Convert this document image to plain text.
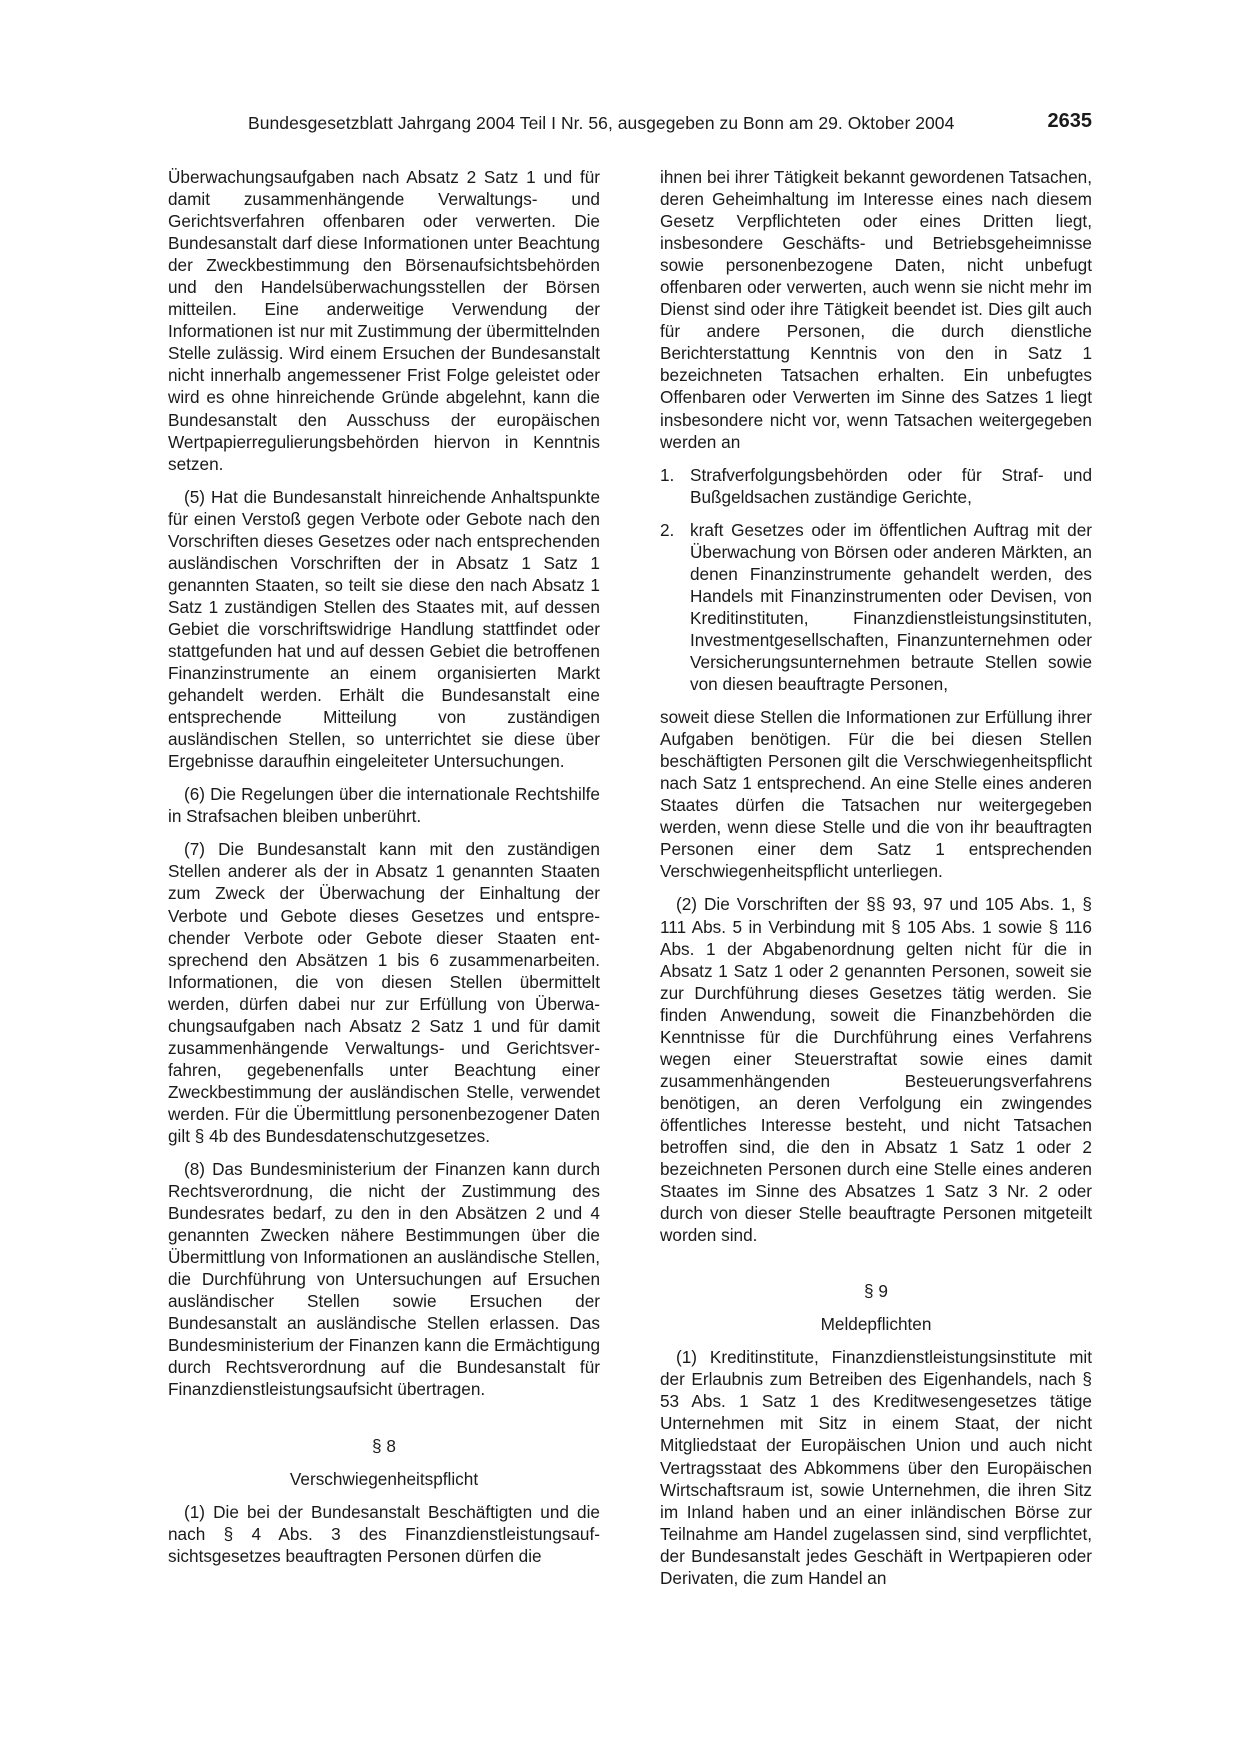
Bundesgesetzblatt Jahrgang 2004 Teil I Nr. 56, ausgegeben zu Bonn am 29. Oktober 2004	2635

Überwachungsaufgaben nach Absatz 2 Satz 1 und für damit zusammenhängende Verwaltungs- und Gerichtsverfahren offenbaren oder verwerten. Die Bundesanstalt darf diese Informationen unter Beachtung der Zweckbestimmung den Börsenaufsichtsbehörden und den Handelsüberwachungsstellen der Börsen mitteilen. Eine anderweitige Verwendung der Informationen ist nur mit Zustimmung der übermittelnden Stelle zulässig. Wird einem Ersuchen der Bundesanstalt nicht innerhalb angemessener Frist Folge geleistet oder wird es ohne hinreichende Gründe abgelehnt, kann die Bundesanstalt den Ausschuss der europäischen Wertpapierregulierungsbehörden hiervon in Kenntnis setzen.

(5) Hat die Bundesanstalt hinreichende Anhaltspunkte für einen Verstoß gegen Verbote oder Gebote nach den Vorschriften dieses Gesetzes oder nach entsprechenden ausländischen Vorschriften der in Absatz 1 Satz 1 genannten Staaten, so teilt sie diese den nach Absatz 1 Satz 1 zuständigen Stellen des Staates mit, auf dessen Gebiet die vorschriftswidrige Handlung stattfindet oder stattgefunden hat und auf dessen Gebiet die betroffenen Finanzinstrumente an einem organisierten Markt gehandelt werden. Erhält die Bundesanstalt eine entsprechende Mitteilung von zuständigen ausländischen Stellen, so unterrichtet sie diese über Ergebnisse daraufhin eingeleiteter Untersuchungen.

(6) Die Regelungen über die internationale Rechtshilfe in Strafsachen bleiben unberührt.

(7) Die Bundesanstalt kann mit den zuständigen Stellen anderer als der in Absatz 1 genannten Staaten zum Zweck der Überwachung der Einhaltung der Verbote und Gebote dieses Gesetzes und entsprechender Verbote oder Gebote dieser Staaten entsprechend den Absätzen 1 bis 6 zusammenarbeiten. Informationen, die von diesen Stellen übermittelt werden, dürfen dabei nur zur Erfüllung von Überwachungsaufgaben nach Absatz 2 Satz 1 und für damit zusammenhängende Verwaltungs- und Gerichtsverfahren, gegebenenfalls unter Beachtung einer Zweckbestimmung der ausländischen Stelle, verwendet werden. Für die Übermittlung personenbezogener Daten gilt § 4b des Bundesdatenschutzgesetzes.

(8) Das Bundesministerium der Finanzen kann durch Rechtsverordnung, die nicht der Zustimmung des Bundesrates bedarf, zu den in den Absätzen 2 und 4 genannten Zwecken nähere Bestimmungen über die Übermittlung von Informationen an ausländische Stellen, die Durchführung von Untersuchungen auf Ersuchen ausländischer Stellen sowie Ersuchen der Bundesanstalt an ausländische Stellen erlassen. Das Bundesministerium der Finanzen kann die Ermächtigung durch Rechtsverordnung auf die Bundesanstalt für Finanzdienstleistungsaufsicht übertragen.

§ 8
Verschwiegenheitspflicht

(1) Die bei der Bundesanstalt Beschäftigten und die nach § 4 Abs. 3 des Finanzdienstleistungsaufsichtsgesetzes beauftragten Personen dürfen die

ihnen bei ihrer Tätigkeit bekannt gewordenen Tatsachen, deren Geheimhaltung im Interesse eines nach diesem Gesetz Verpflichteten oder eines Dritten liegt, insbesondere Geschäfts- und Betriebsgeheimnisse sowie personenbezogene Daten, nicht unbefugt offenbaren oder verwerten, auch wenn sie nicht mehr im Dienst sind oder ihre Tätigkeit beendet ist. Dies gilt auch für andere Personen, die durch dienstliche Berichterstattung Kenntnis von den in Satz 1 bezeichneten Tatsachen erhalten. Ein unbefugtes Offenbaren oder Verwerten im Sinne des Satzes 1 liegt insbesondere nicht vor, wenn Tatsachen weitergegeben werden an

1. Strafverfolgungsbehörden oder für Straf- und Bußgeldsachen zuständige Gerichte,
2. kraft Gesetzes oder im öffentlichen Auftrag mit der Überwachung von Börsen oder anderen Märkten, an denen Finanzinstrumente gehandelt werden, des Handels mit Finanzinstrumenten oder Devisen, von Kreditinstituten, Finanzdienstleistungsinstituten, Investmentgesellschaften, Finanzunternehmen oder Versicherungsunternehmen betraute Stellen sowie von diesen beauftragte Personen,

soweit diese Stellen die Informationen zur Erfüllung ihrer Aufgaben benötigen. Für die bei diesen Stellen beschäftigten Personen gilt die Verschwiegenheitspflicht nach Satz 1 entsprechend. An eine Stelle eines anderen Staates dürfen die Tatsachen nur weitergegeben werden, wenn diese Stelle und die von ihr beauftragten Personen einer dem Satz 1 entsprechenden Verschwiegenheitspflicht unterliegen.

(2) Die Vorschriften der §§ 93, 97 und 105 Abs. 1, § 111 Abs. 5 in Verbindung mit § 105 Abs. 1 sowie § 116 Abs. 1 der Abgabenordnung gelten nicht für die in Absatz 1 Satz 1 oder 2 genannten Personen, soweit sie zur Durchführung dieses Gesetzes tätig werden. Sie finden Anwendung, soweit die Finanzbehörden die Kenntnisse für die Durchführung eines Verfahrens wegen einer Steuerstraftat sowie eines damit zusammenhängenden Besteuerungsverfahrens benötigen, an deren Verfolgung ein zwingendes öffentliches Interesse besteht, und nicht Tatsachen betroffen sind, die den in Absatz 1 Satz 1 oder 2 bezeichneten Personen durch eine Stelle eines anderen Staates im Sinne des Absatzes 1 Satz 3 Nr. 2 oder durch von dieser Stelle beauftragte Personen mitgeteilt worden sind.

§ 9
Meldepflichten

(1) Kreditinstitute, Finanzdienstleistungsinstitute mit der Erlaubnis zum Betreiben des Eigenhandels, nach § 53 Abs. 1 Satz 1 des Kreditwesengesetzes tätige Unternehmen mit Sitz in einem Staat, der nicht Mitgliedstaat der Europäischen Union und auch nicht Vertragsstaat des Abkommens über den Europäischen Wirtschaftsraum ist, sowie Unternehmen, die ihren Sitz im Inland haben und an einer inländischen Börse zur Teilnahme am Handel zugelassen sind, sind verpflichtet, der Bundesanstalt jedes Geschäft in Wertpapieren oder Derivaten, die zum Handel an
